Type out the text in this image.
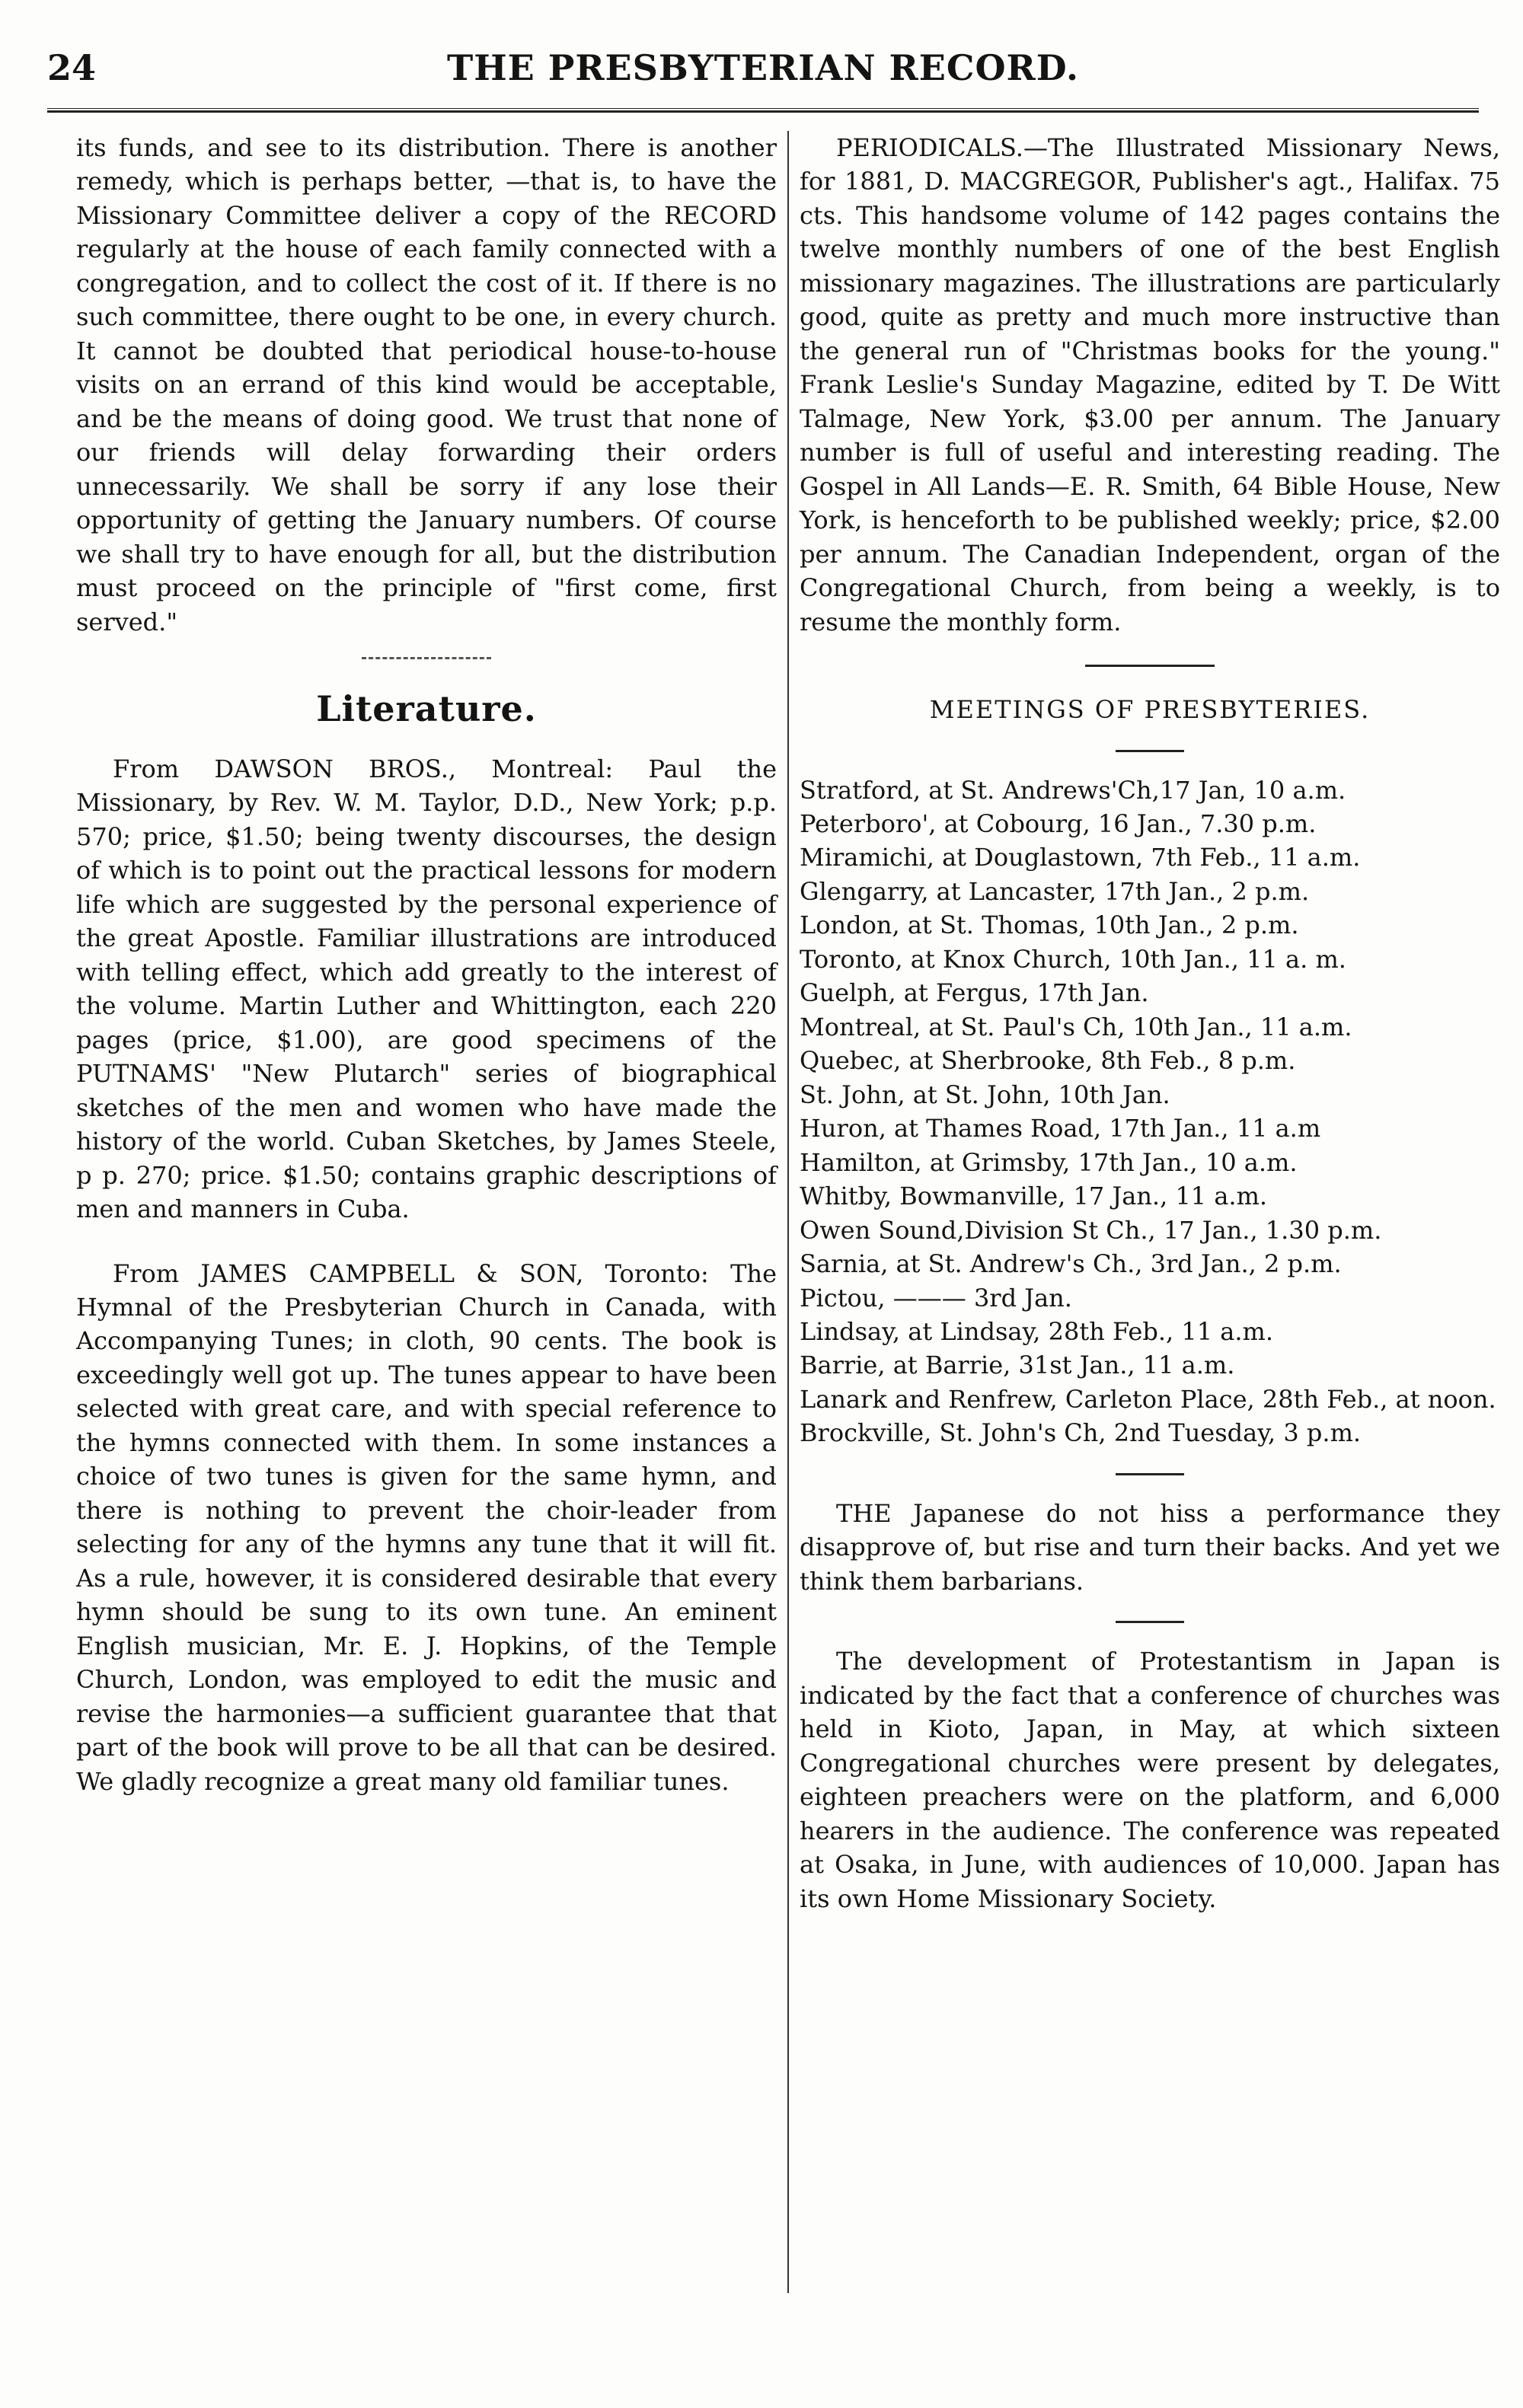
24	THE PRESBYTERIAN RECORD.

its funds, and see to its distribution. There is another remedy, which is perhaps better, —that is, to have the Missionary Committee deliver a copy of the RECORD regularly at the house of each family connected with a congregation, and to collect the cost of it. If there is no such committee, there ought to be one, in every church. It cannot be doubted that periodical house-to-house visits on an errand of this kind would be acceptable, and be the means of doing good. We trust that none of our friends will delay forwarding their orders unnecessarily. We shall be sorry if any lose their opportunity of getting the January numbers. Of course we shall try to have enough for all, but the distribution must proceed on the principle of "first come, first served."

Literature.

From DAWSON BROS., Montreal: Paul the Missionary, by Rev. W. M. Taylor, D.D., New York; p.p. 570; price, $1.50; being twenty discourses, the design of which is to point out the practical lessons for modern life which are suggested by the personal experience of the great Apostle. Familiar illustrations are introduced with telling effect, which add greatly to the interest of the volume. Martin Luther and Whittington, each 220 pages (price, $1.00), are good specimens of the PUTNAMS' "New Plutarch" series of biographical sketches of the men and women who have made the history of the world. Cuban Sketches, by James Steele, p p. 270; price. $1.50; contains graphic descriptions of men and manners in Cuba.

From JAMES CAMPBELL & SON, Toronto: The Hymnal of the Presbyterian Church in Canada, with Accompanying Tunes; in cloth, 90 cents. The book is exceedingly well got up. The tunes appear to have been selected with great care, and with special reference to the hymns connected with them. In some instances a choice of two tunes is given for the same hymn, and there is nothing to prevent the choir-leader from selecting for any of the hymns any tune that it will fit. As a rule, however, it is considered desirable that every hymn should be sung to its own tune. An eminent English musician, Mr. E. J. Hopkins, of the Temple Church, London, was employed to edit the music and revise the harmonies—a sufficient guarantee that that part of the book will prove to be all that can be desired. We gladly recognize a great many old familiar tunes.

PERIODICALS.—The Illustrated Missionary News, for 1881, D. MACGREGOR, Publisher's agt., Halifax. 75 cts. This handsome volume of 142 pages contains the twelve monthly numbers of one of the best English missionary magazines. The illustrations are particularly good, quite as pretty and much more instructive than the general run of "Christmas books for the young." Frank Leslie's Sunday Magazine, edited by T. De Witt Talmage, New York, $3.00 per annum. The January number is full of useful and interesting reading. The Gospel in All Lands—E. R. Smith, 64 Bible House, New York, is henceforth to be published weekly; price, $2.00 per annum. The Canadian Independent, organ of the Congregational Church, from being a weekly, is to resume the monthly form.

MEETINGS OF PRESBYTERIES.
Stratford, at St. Andrews'Ch,17 Jan, 10 a.m.
Peterboro', at Cobourg, 16 Jan., 7.30 p.m.
Miramichi, at Douglastown, 7th Feb., 11 a.m.
Glengarry, at Lancaster, 17th Jan., 2 p.m.
London, at St. Thomas, 10th Jan., 2 p.m.
Toronto, at Knox Church, 10th Jan., 11 a. m.
Guelph, at Fergus, 17th Jan.
Montreal, at St. Paul's Ch, 10th Jan., 11 a.m.
Quebec, at Sherbrooke, 8th Feb., 8 p.m.
St. John, at St. John, 10th Jan.
Huron, at Thames Road, 17th Jan., 11 a.m
Hamilton, at Grimsby, 17th Jan., 10 a.m.
Whitby, Bowmanville, 17 Jan., 11 a.m.
Owen Sound,Division St Ch., 17 Jan., 1.30 p.m.
Sarnia, at St. Andrew's Ch., 3rd Jan., 2 p.m.
Pictou, ——— 3rd Jan.
Lindsay, at Lindsay, 28th Feb., 11 a.m.
Barrie, at Barrie, 31st Jan., 11 a.m.
Lanark and Renfrew, Carleton Place, 28th Feb., at noon.
Brockville, St. John's Ch, 2nd Tuesday, 3 p.m.

THE Japanese do not hiss a performance they disapprove of, but rise and turn their backs. And yet we think them barbarians.

The development of Protestantism in Japan is indicated by the fact that a conference of churches was held in Kioto, Japan, in May, at which sixteen Congregational churches were present by delegates, eighteen preachers were on the platform, and 6,000 hearers in the audience. The conference was repeated at Osaka, in June, with audiences of 10,000. Japan has its own Home Missionary Society.
